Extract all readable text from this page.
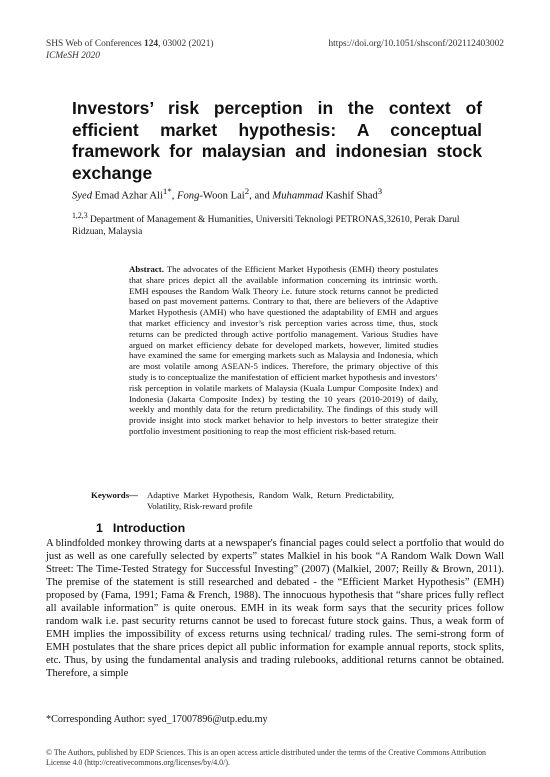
SHS Web of Conferences 124, 03002 (2021)	https://doi.org/10.1051/shsconf/202112403002
ICMeSH 2020
Investors’ risk perception in the context of efficient market hypothesis: A conceptual framework for malaysian and indonesian stock exchange
Syed Emad Azhar Ali$^{1*}$, Fong-Woon Lai$^2$, and Muhammad Kashif Shad$^3$
$^{1,2,3}$ Department of Management & Humanities, Universiti Teknologi PETRONAS,32610, Perak Darul Ridzuan, Malaysia
Abstract. The advocates of the Efficient Market Hypothesis (EMH) theory postulates that share prices depict all the available information concerning its intrinsic worth. EMH espouses the Random Walk Theory i.e. future stock returns cannot be predicted based on past movement patterns. Contrary to that, there are believers of the Adaptive Market Hypothesis (AMH) who have questioned the adaptability of EMH and argues that market efficiency and investor’s risk perception varies across time, thus, stock returns can be predicted through active portfolio management. Various Studies have argued on market efficiency debate for developed markets, however, limited studies have examined the same for emerging markets such as Malaysia and Indonesia, which are most volatile among ASEAN-5 indices. Therefore, the primary objective of this study is to conceptualize the manifestation of efficient market hypothesis and investors’ risk perception in volatile markets of Malaysia (Kuala Lumpur Composite Index) and Indonesia (Jakarta Composite Index) by testing the 10 years (2010-2019) of daily, weekly and monthly data for the return predictability. The findings of this study will provide insight into stock market behavior to help investors to better strategize their portfolio investment positioning to reap the most efficient risk-based return.
Keywords—	Adaptive Market Hypothesis, Random Walk, Return Predictability, Volatility, Risk-reward profile
1 Introduction
A blindfolded monkey throwing darts at a newspaper's financial pages could select a portfolio that would do just as well as one carefully selected by experts” states Malkiel in his book “A Random Walk Down Wall Street: The Time-Tested Strategy for Successful Investing” (2007) (Malkiel, 2007; Reilly & Brown, 2011). The premise of the statement is still researched and debated - the “Efficient Market Hypothesis” (EMH) proposed by (Fama, 1991; Fama & French, 1988). The innocuous hypothesis that “share prices fully reflect all available information” is quite onerous. EMH in its weak form says that the security prices follow random walk i.e. past security returns cannot be used to forecast future stock gains. Thus, a weak form of EMH implies the impossibility of excess returns using technical/ trading rules. The semi-strong form of EMH postulates that the share prices depict all public information for example annual reports, stock splits, etc. Thus, by using the fundamental analysis and trading rulebooks, additional returns cannot be obtained. Therefore, a simple
*Corresponding Author: syed_17007896@utp.edu.my
© The Authors, published by EDP Sciences. This is an open access article distributed under the terms of the Creative Commons Attribution License 4.0 (http://creativecommons.org/licenses/by/4.0/).
